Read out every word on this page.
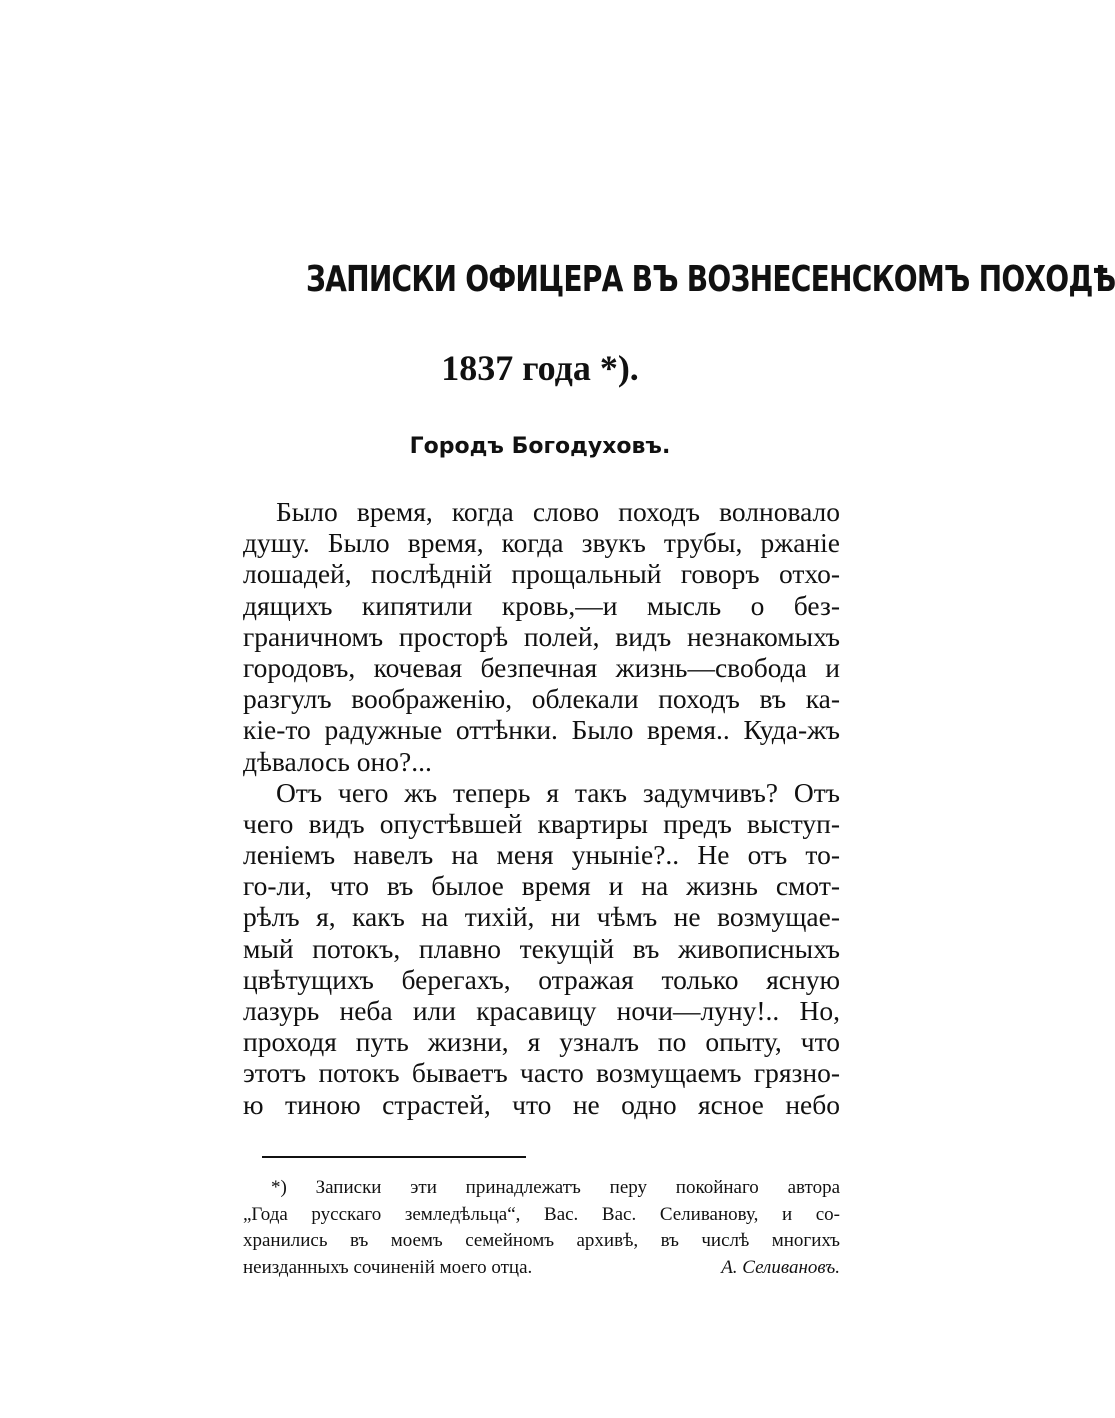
ЗАПИСКИ ОФИЦЕРА ВЪ ВОЗНЕСЕНСКОМЪ ПОХОДѢ
1837 года *).
Городъ Богодуховъ.
Было время, когда слово походъ волновало
душу. Было время, когда звукъ трубы, ржаніе
лошадей, послѣдній прощальный говоръ отхо-
дящихъ кипятили кровь,—и мысль о без-
граничномъ просторѣ полей, видъ незнакомыхъ
городовъ, кочевая безпечная жизнь—свобода и
разгулъ воображенію, облекали походъ въ ка-
кіе-то радужные оттѣнки. Было время.. Куда-жъ
дѣвалось оно?...
Отъ чего жъ теперь я такъ задумчивъ? Отъ
чего видъ опустѣвшей квартиры предъ выступ-
леніемъ навелъ на меня уныніе?.. Не отъ то-
го-ли, что въ былое время и на жизнь смот-
рѣлъ я, какъ на тихій, ни чѣмъ не возмущае-
мый потокъ, плавно текущій въ живописныхъ
цвѣтущихъ берегахъ, отражая только ясную
лазурь неба или красавицу ночи—луну!.. Но,
проходя путь жизни, я узналъ по опыту, что
этотъ потокъ бываетъ часто возмущаемъ грязно-
ю тиною страстей, что не одно ясное небо
*) Записки эти принадлежатъ перу покойнаго автора
„Года русскаго земледѣльца“, Вас. Вас. Селиванову, и со-
хранились въ моемъ семейномъ архивѣ, въ числѣ многихъ
неизданныхъ сочиненій моего отца.	А. Селивановъ.
